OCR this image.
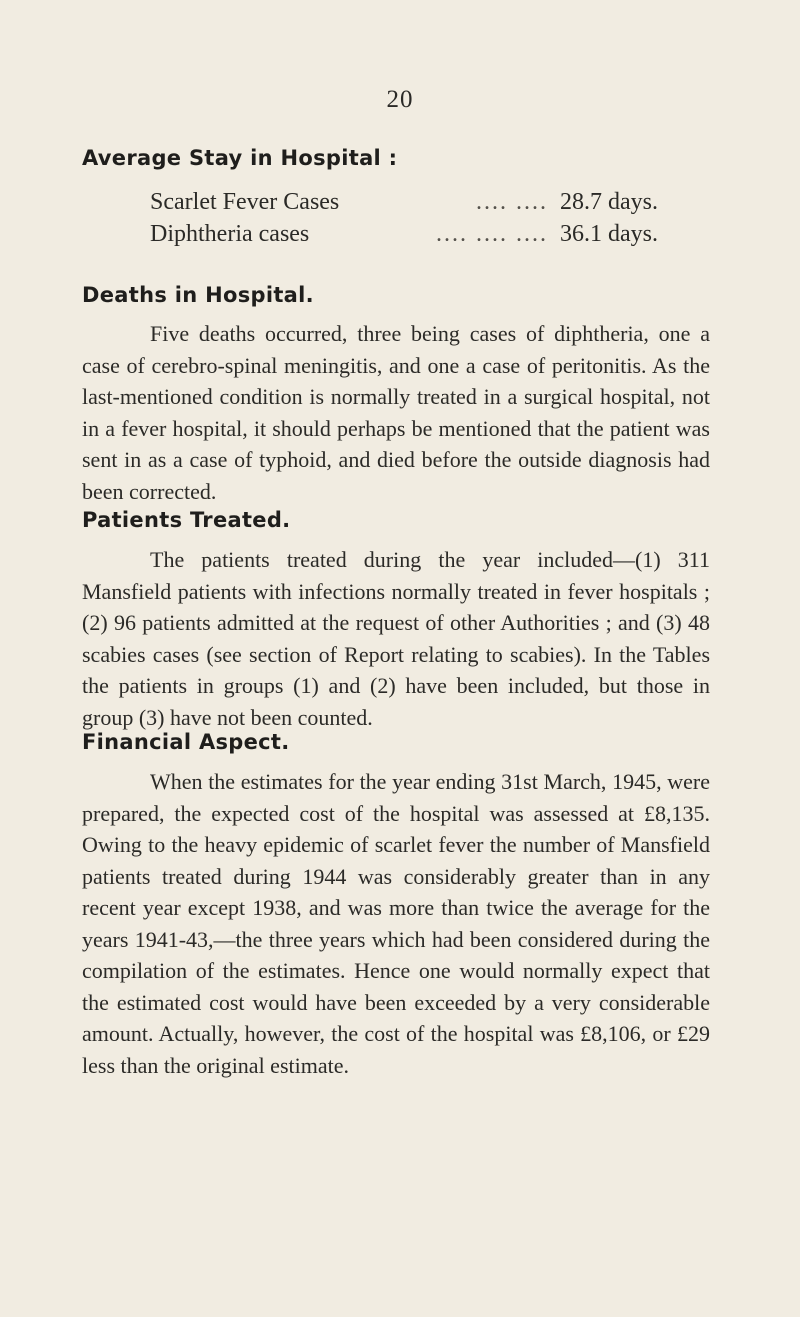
20
Average Stay in Hospital :
Scarlet Fever Cases	.... .... 28.7 days.
Diphtheria cases	.... .... .... 36.1 days.
Deaths in Hospital.

Five deaths occurred, three being cases of diphtheria, one a case of cerebro-spinal meningitis, and one a case of peritonitis. As the last-mentioned condition is normally treated in a surgical hospital, not in a fever hospital, it should perhaps be mentioned that the patient was sent in as a case of typhoid, and died before the outside diagnosis had been corrected.

Patients Treated.

The patients treated during the year included—(1) 311 Mansfield patients with infections normally treated in fever hospitals ; (2) 96 patients admitted at the request of other Authorities ; and (3) 48 scabies cases (see section of Report relating to scabies). In the Tables the patients in groups (1) and (2) have been included, but those in group (3) have not been counted.

Financial Aspect.

When the estimates for the year ending 31st March, 1945, were prepared, the expected cost of the hospital was assessed at £8,135. Owing to the heavy epidemic of scarlet fever the number of Mansfield patients treated during 1944 was considerably greater than in any recent year except 1938, and was more than twice the average for the years 1941-43,—the three years which had been considered during the compilation of the estimates. Hence one would normally expect that the estimated cost would have been exceeded by a very considerable amount. Actually, however, the cost of the hospital was £8,106, or £29 less than the original estimate.
